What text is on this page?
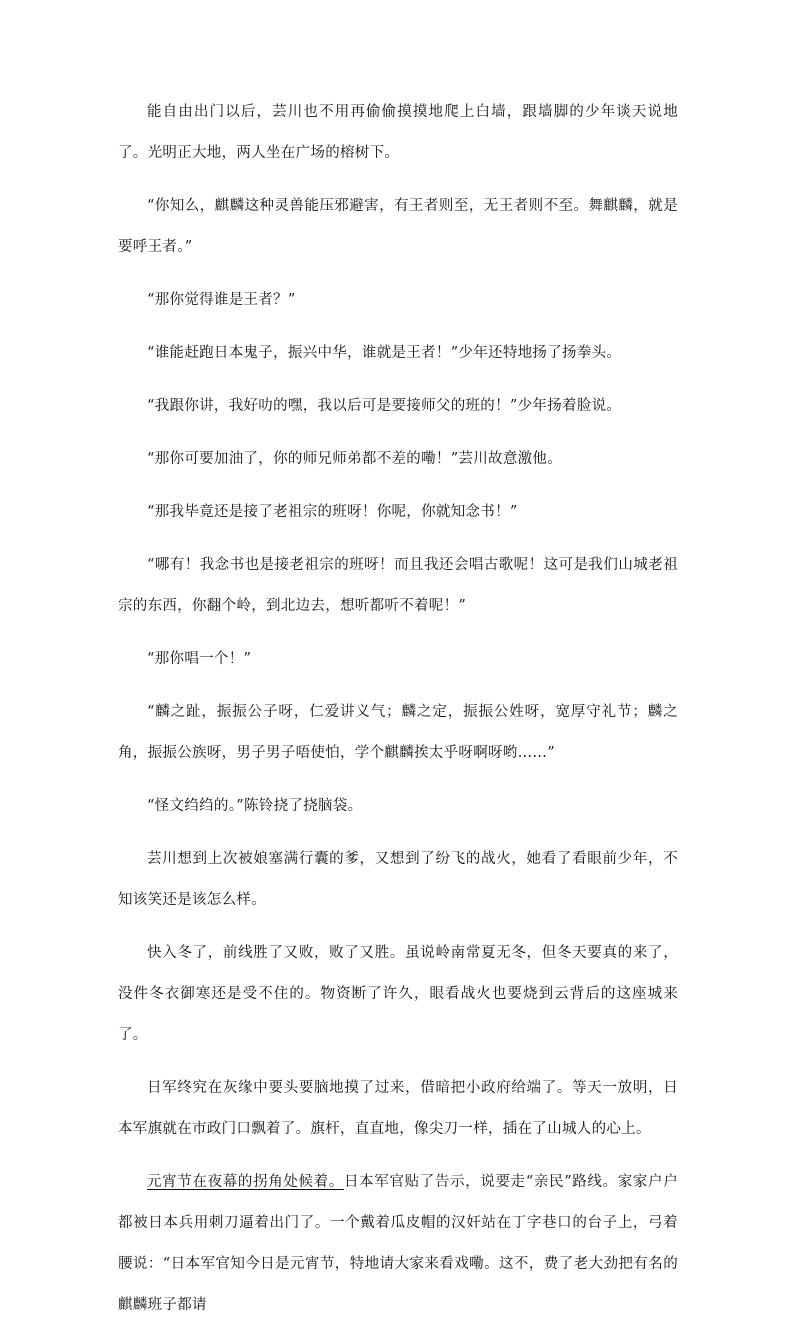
能自由出门以后，芸川也不用再偷偷摸摸地爬上白墙，跟墙脚的少年谈天说地了。光明正大地，两人坐在广场的榕树下。

“你知么，麒麟这种灵兽能压邪避害，有王者则至，无王者则不至。舞麒麟，就是要呼王者。”

“那你觉得谁是王者？”

“谁能赶跑日本鬼子，振兴中华，谁就是王者！”少年还特地扬了扬拳头。

“我跟你讲，我好叻的嘿，我以后可是要接师父的班的！”少年扬着脸说。

“那你可要加油了，你的师兄师弟都不差的嘞！”芸川故意激他。

“那我毕竟还是接了老祖宗的班呀！你呢，你就知念书！”

“哪有！我念书也是接老祖宗的班呀！而且我还会唱古歌呢！这可是我们山城老祖宗的东西，你翻个岭，到北边去，想听都听不着呢！”

“那你唱一个！”

“麟之趾，振振公子呀，仁爱讲义气；麟之定，振振公姓呀，宽厚守礼节；麟之角，振振公族呀，男子男子唔使怕，学个麒麟挨太乎呀啊呀哟……”

“怪文绉绉的。”陈铃挠了挠脑袋。

芸川想到上次被娘塞满行囊的爹，又想到了纷飞的战火，她看了看眼前少年，不知该笑还是该怎么样。

快入冬了，前线胜了又败，败了又胜。虽说岭南常夏无冬，但冬天要真的来了，没件冬衣御寒还是受不住的。物资断了许久，眼看战火也要烧到云背后的这座城来了。

日军终究在灰缘中要头要脑地摸了过来，借暗把小政府给端了。等天一放明，日本军旗就在市政门口飘着了。旗杆，直直地，像尖刀一样，插在了山城人的心上。

元宵节在夜幕的拐角处候着。日本军官贴了告示，说要走“亲民”路线。家家户户都被日本兵用刺刀逼着出门了。一个戴着瓜皮帽的汉奸站在丁字巷口的台子上，弓着腰说：“日本军官知今日是元宵节，特地请大家来看戏嘞。这不，费了老大劲把有名的麒麟班子都请
